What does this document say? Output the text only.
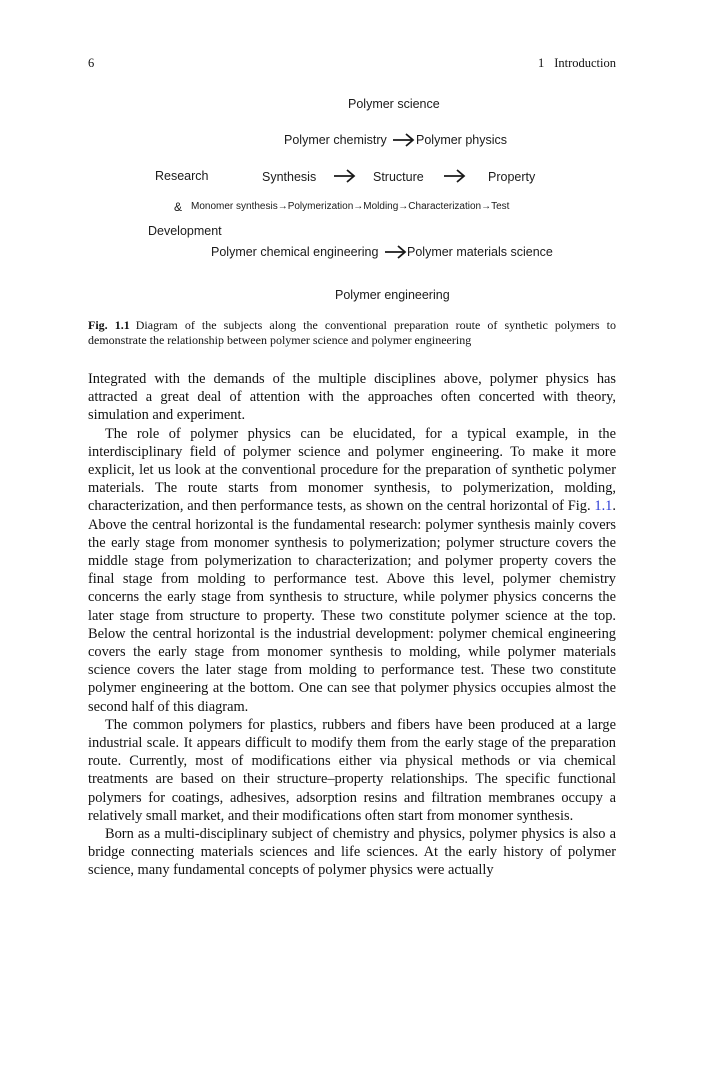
6	1 Introduction
Polymer science
Polymer chemistry Polymer physics
Research	Synthesis	Structure	Property
& Monomer synthesis→Polymerization→Molding→Characterization→Test
Development
Polymer chemical engineering Polymer materials science
Polymer engineering
Fig. 1.1 Diagram of the subjects along the conventional preparation route of synthetic polymers to demonstrate the relationship between polymer science and polymer engineering

Integrated with the demands of the multiple disciplines above, polymer physics has attracted a great deal of attention with the approaches often concerted with theory, simulation and experiment.

The role of polymer physics can be elucidated, for a typical example, in the interdisciplinary field of polymer science and polymer engineering. To make it more explicit, let us look at the conventional procedure for the preparation of synthetic polymer materials. The route starts from monomer synthesis, to polymerization, molding, characterization, and then performance tests, as shown on the central horizontal of Fig. 1.1. Above the central horizontal is the fundamental research: polymer synthesis mainly covers the early stage from monomer synthesis to polymerization; polymer structure covers the middle stage from polymerization to characterization; and polymer property covers the final stage from molding to performance test. Above this level, polymer chemistry concerns the early stage from synthesis to structure, while polymer physics concerns the later stage from structure to property. These two constitute polymer science at the top. Below the central horizontal is the industrial development: polymer chemical engineering covers the early stage from monomer synthesis to molding, while polymer materials science covers the later stage from molding to performance test. These two constitute polymer engineering at the bottom. One can see that polymer physics occupies almost the second half of this diagram.

The common polymers for plastics, rubbers and fibers have been produced at a large industrial scale. It appears difficult to modify them from the early stage of the preparation route. Currently, most of modifications either via physical methods or via chemical treatments are based on their structure–property relationships. The specific functional polymers for coatings, adhesives, adsorption resins and filtration membranes occupy a relatively small market, and their modifications often start from monomer synthesis.

Born as a multi-disciplinary subject of chemistry and physics, polymer physics is also a bridge connecting materials sciences and life sciences. At the early history of polymer science, many fundamental concepts of polymer physics were actually
